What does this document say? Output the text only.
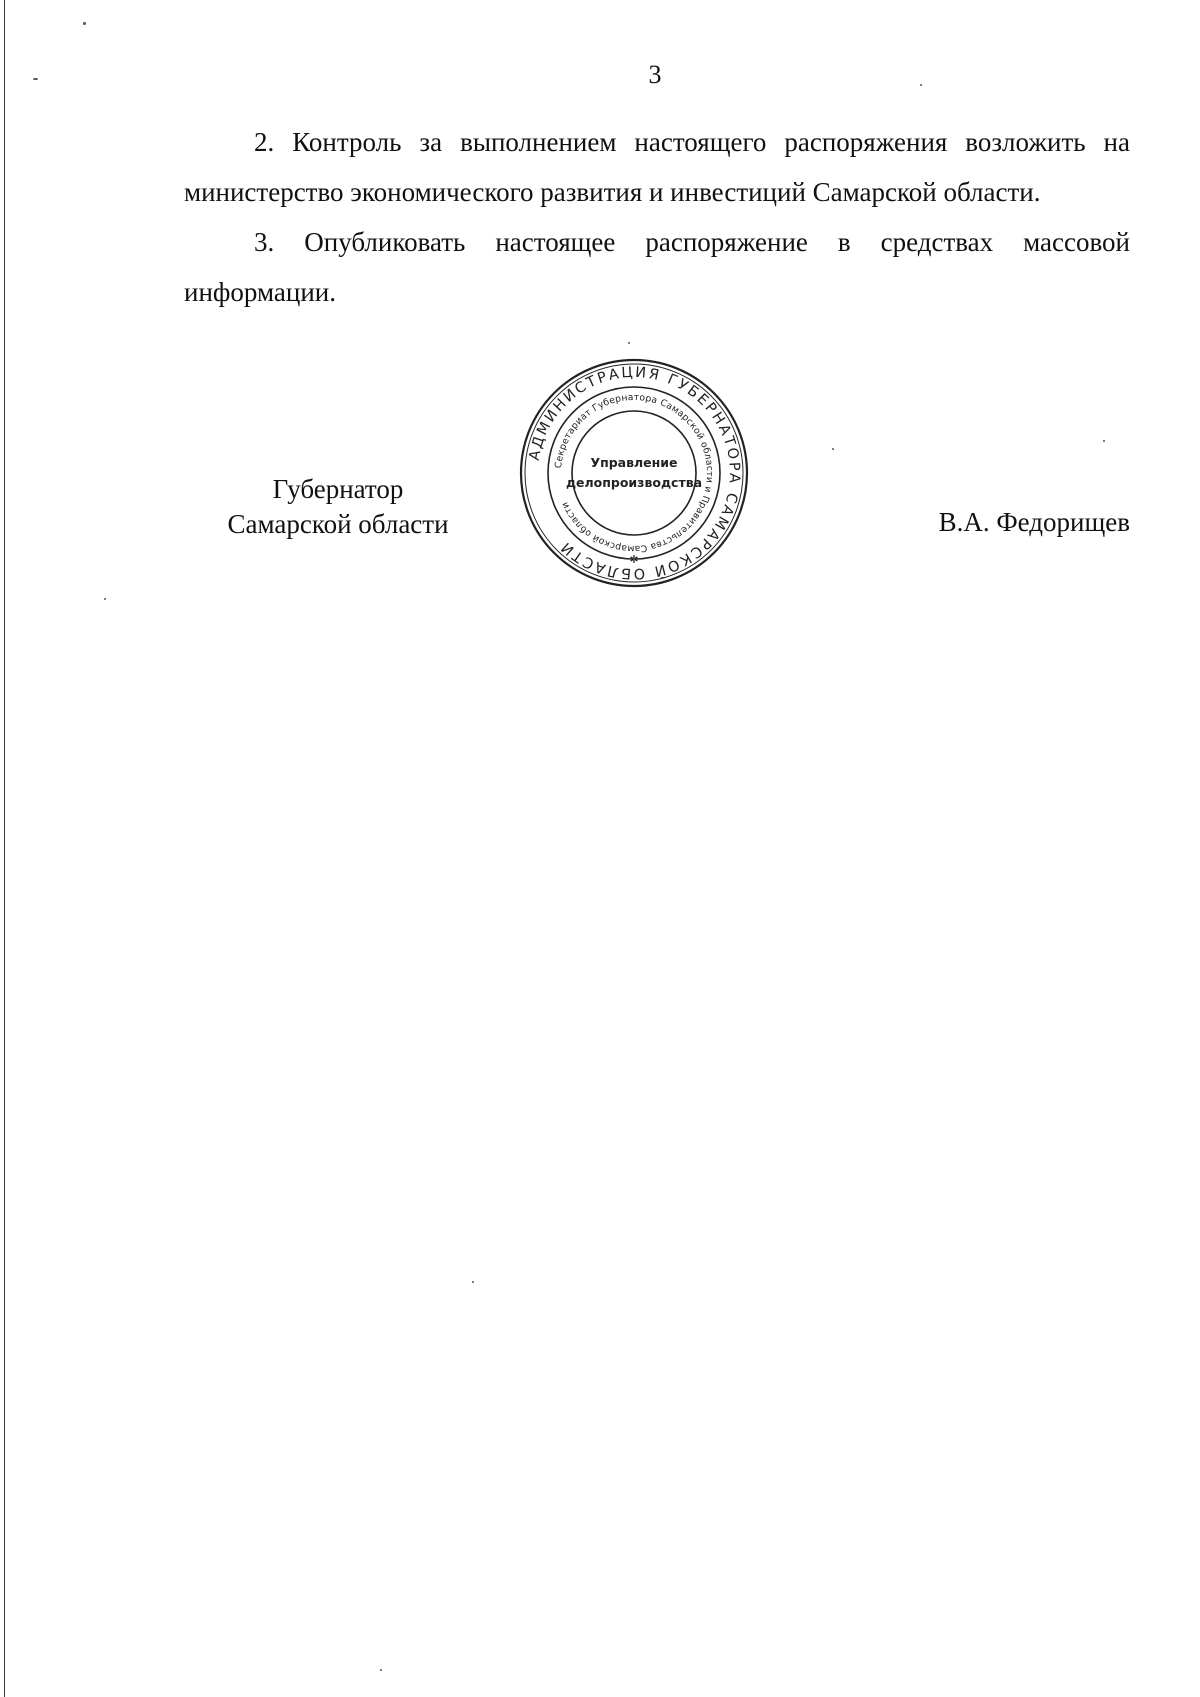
3

2. Контроль за выполнением настоящего распоряжения возложить на министерство экономического развития и инвестиций Самарской области.

3. Опубликовать настоящее распоряжение в средствах массовой информации.

Губернатор
Самарской области
АДМИНИСТРАЦИЯ ГУБЕРНАТОРА САМАРСКОЙ ОБЛАСТИ
Секретариат Губернатора Самарской области и Правительства Самарской области
Управление
делопроизводства
✲
В.А. Федорищев
